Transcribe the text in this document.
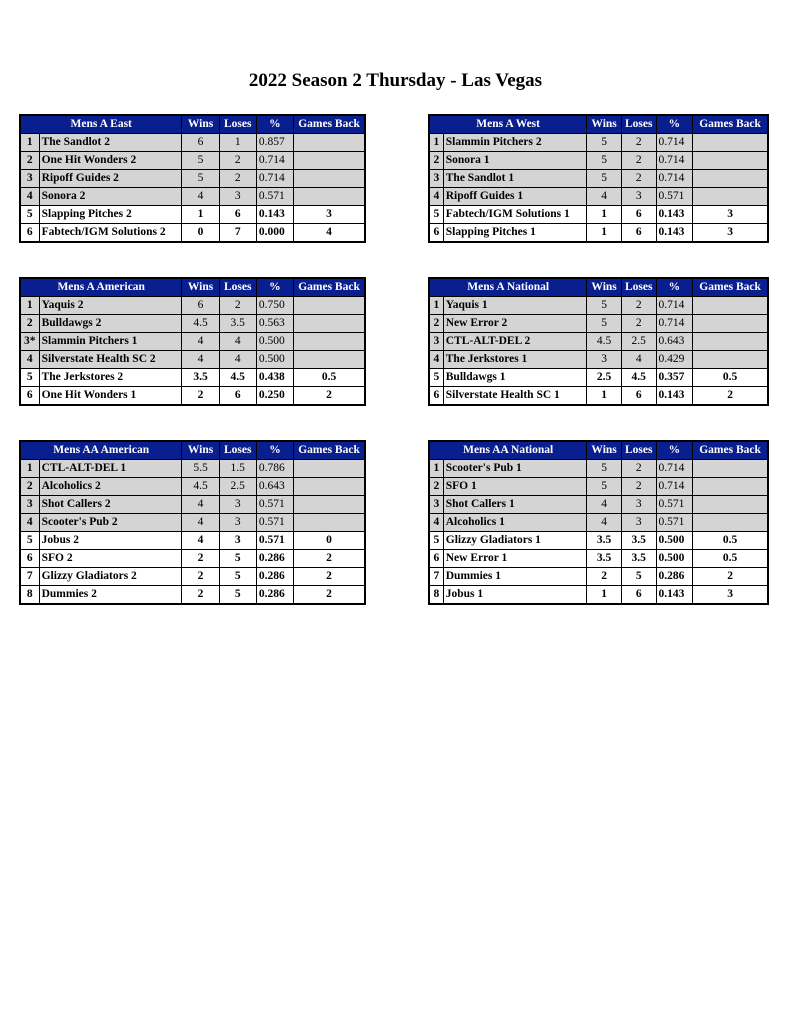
2022 Season 2 Thursday - Las Vegas
Mens A East		Wins	Loses	%	Games Back
1	The Sandlot 2	6	1	0.857	
2	One Hit Wonders 2	5	2	0.714	
3	Ripoff Guides 2	5	2	0.714	
4	Sonora 2	4	3	0.571	
5	Slapping Pitches 2	1	6	0.143	3
6	Fabtech/IGM Solutions 2	0	7	0.000	4
Mens A West		Wins	Loses	%	Games Back
1	Slammin Pitchers 2	5	2	0.714	
2	Sonora 1	5	2	0.714	
3	The Sandlot 1	5	2	0.714	
4	Ripoff Guides 1	4	3	0.571	
5	Fabtech/IGM Solutions 1	1	6	0.143	3
6	Slapping Pitches 1	1	6	0.143	3
Mens A American		Wins	Loses	%	Games Back
1	Yaquis 2	6	2	0.750	
2	Bulldawgs 2	4.5	3.5	0.563	
3*	Slammin Pitchers 1	4	4	0.500	
4	Silverstate Health SC 2	4	4	0.500	
5	The Jerkstores 2	3.5	4.5	0.438	0.5
6	One Hit Wonders 1	2	6	0.250	2
Mens A National		Wins	Loses	%	Games Back
1	Yaquis 1	5	2	0.714	
2	New Error 2	5	2	0.714	
3	CTL-ALT-DEL 2	4.5	2.5	0.643	
4	The Jerkstores 1	3	4	0.429	
5	Bulldawgs 1	2.5	4.5	0.357	0.5
6	Silverstate Health SC 1	1	6	0.143	2
Mens AA American		Wins	Loses	%	Games Back
1	CTL-ALT-DEL 1	5.5	1.5	0.786	
2	Alcoholics 2	4.5	2.5	0.643	
3	Shot Callers 2	4	3	0.571	
4	Scooter's Pub 2	4	3	0.571	
5	Jobus 2	4	3	0.571	0
6	SFO 2	2	5	0.286	2
7	Glizzy Gladiators 2	2	5	0.286	2
8	Dummies 2	2	5	0.286	2
Mens AA National		Wins	Loses	%	Games Back
1	Scooter's Pub 1	5	2	0.714	
2	SFO 1	5	2	0.714	
3	Shot Callers 1	4	3	0.571	
4	Alcoholics 1	4	3	0.571	
5	Glizzy Gladiators 1	3.5	3.5	0.500	0.5
6	New Error 1	3.5	3.5	0.500	0.5
7	Dummies 1	2	5	0.286	2
8	Jobus 1	1	6	0.143	3
